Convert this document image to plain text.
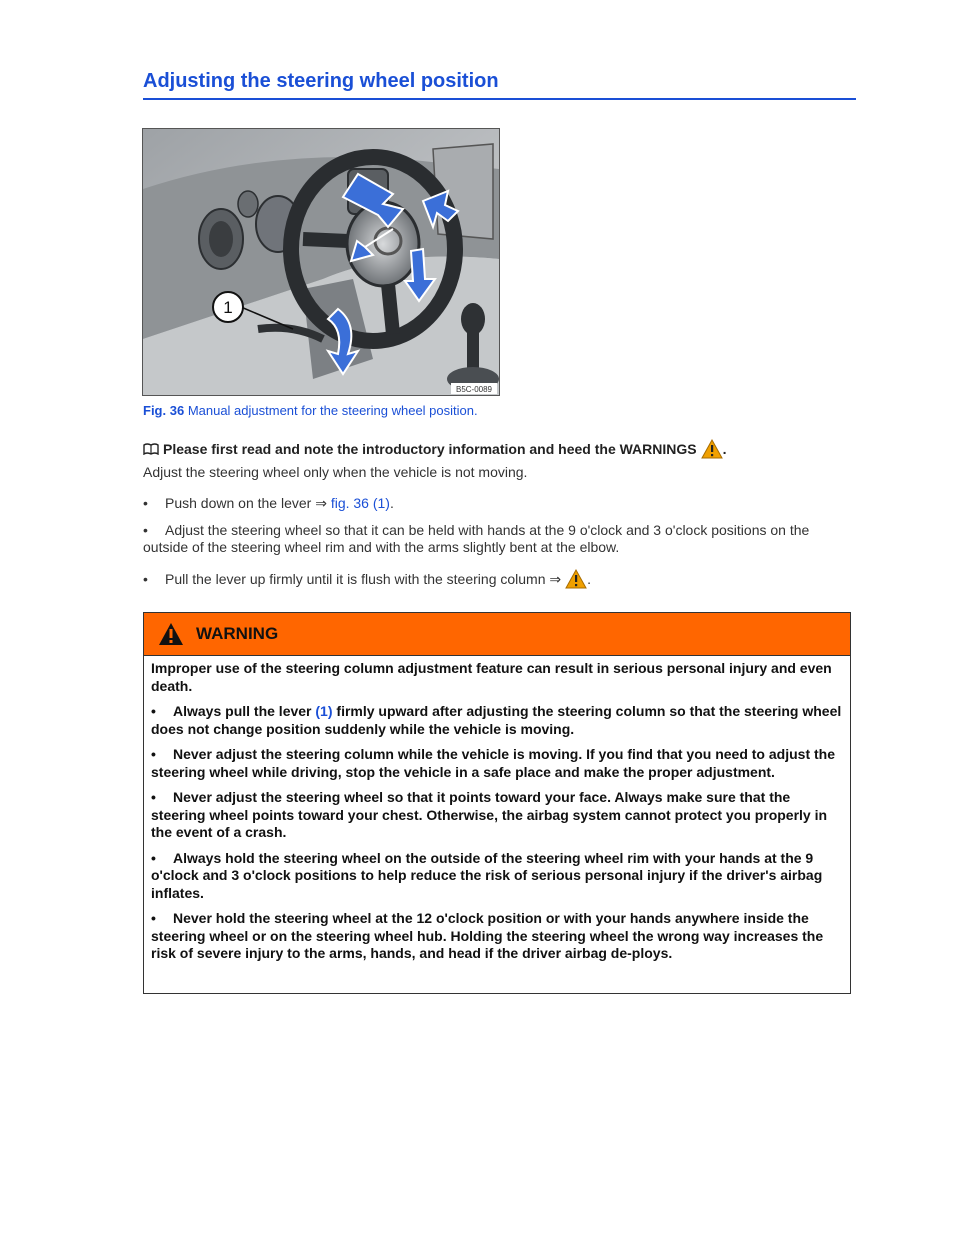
Adjusting the steering wheel position
1
B5C-0089
Fig. 36 Manual adjustment for the steering wheel position.
Please first read and note the introductory information and heed the WARNINGS .
Adjust the steering wheel only when the vehicle is not moving.
• Push down on the lever ⇒ fig. 36 (1).
• Adjust the steering wheel so that it can be held with hands at the 9 o'clock and 3 o'clock positions on the outside of the steering wheel rim and with the arms slightly bent at the elbow.
•	Pull the lever up firmly until it is flush with the steering column ⇒ .
WARNING

Improper use of the steering column adjustment feature can result in serious personal injury and even death.

• Always pull the lever (1) firmly upward after adjusting the steering column so that the steering wheel does not change position suddenly while the vehicle is moving.

• Never adjust the steering column while the vehicle is moving. If you find that you need to adjust the steering wheel while driving, stop the vehicle in a safe place and make the proper adjustment.

• Never adjust the steering wheel so that it points toward your face. Always make sure that the steering wheel points toward your chest. Otherwise, the airbag system cannot protect you properly in the event of a crash.

• Always hold the steering wheel on the outside of the steering wheel rim with your hands at the 9 o'clock and 3 o'clock positions to help reduce the risk of serious personal injury if the driver's airbag inflates.

• Never hold the steering wheel at the 12 o'clock position or with your hands anywhere inside the steering wheel or on the steering wheel hub. Holding the steering wheel the wrong way increases the risk of severe injury to the arms, hands, and head if the driver airbag de-ploys.
